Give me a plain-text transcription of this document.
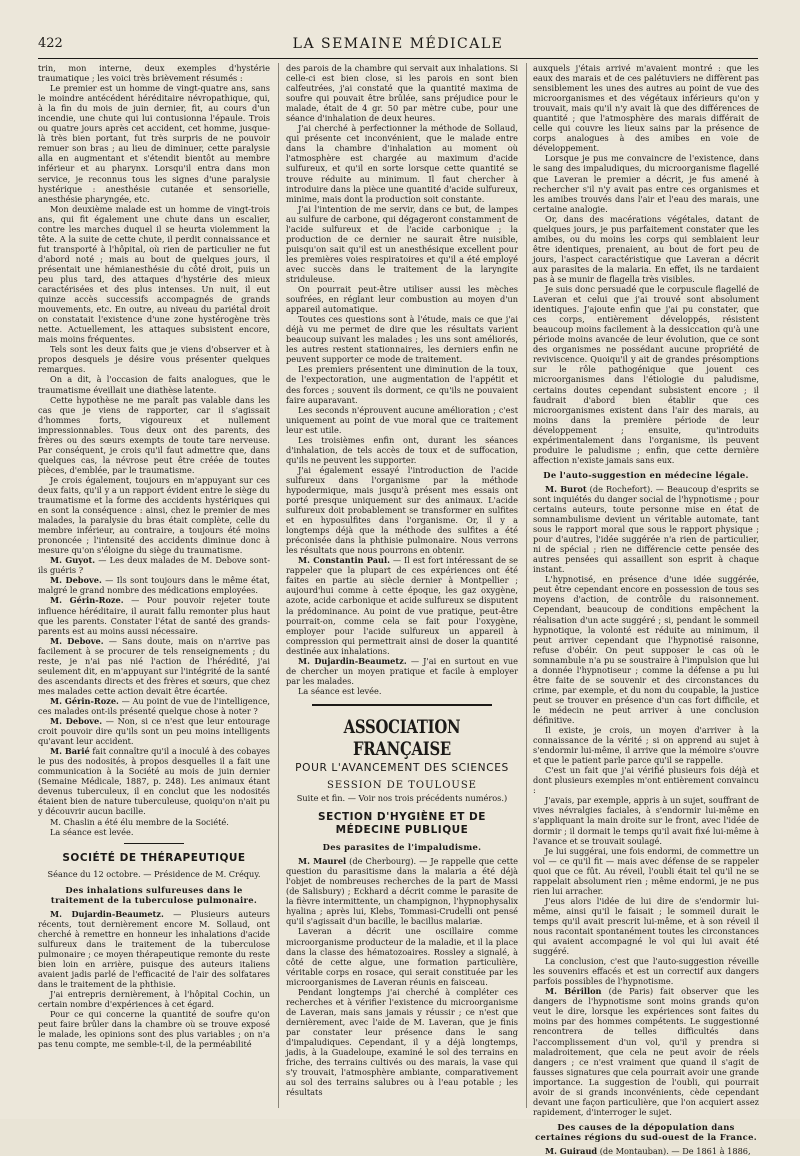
422	LA SEMAINE MÉDICALE

trin, mon interne, deux exemples d'hystérie traumatique ; les voici très brièvement résumés :

Le premier est un homme de vingt-quatre ans, sans le moindre antécédent héréditaire névropathique, qui, à la fin du mois de juin dernier, fit, au cours d'un incendie, une chute qui lui contusionna l'épaule. Trois ou quatre jours après cet accident, cet homme, jusque-là très bien portant, fut très surpris de ne pouvoir remuer son bras ; au lieu de diminuer, cette paralysie alla en augmentant et s'étendit bientôt au membre inférieur et au pharynx. Lorsqu'il entra dans mon service, je reconnus tous les signes d'une paralysie hystérique : anesthésie cutanée et sensorielle, anesthésie pharyngée, etc.

Mon deuxième malade est un homme de vingt-trois ans, qui fit également une chute dans un escalier, contre les marches duquel il se heurta violemment la tête. A la suite de cette chute, il perdit connaissance et fut transporté à l'hôpital, où rien de particulier ne fut d'abord noté ; mais au bout de quelques jours, il présentait une hémianesthésie du côté droit, puis un peu plus tard, des attaques d'hystérie des mieux caractérisées et des plus intenses. Un nuit, il eut quinze accès successifs accompagnés de grands mouvements, etc. En outre, au niveau du pariétal droit on constatait l'existence d'une zone hystérogène très nette. Actuellement, les attaques subsistent encore, mais moins fréquentes.

Tels sont les deux faits que je viens d'observer et à propos desquels je désire vous présenter quelques remarques.

On a dit, à l'occasion de faits analogues, que le traumatisme éveillait une diathèse latente.

Cette hypothèse ne me paraît pas valable dans les cas que je viens de rapporter, car il s'agissait d'hommes forts, vigoureux et nullement impressionnables. Tous deux ont des parents, des frères ou des sœurs exempts de toute tare nerveuse. Par conséquent, je crois qu'il faut admettre que, dans quelques cas, la névrose peut être créée de toutes pièces, d'emblée, par le traumatisme.

Je crois également, toujours en m'appuyant sur ces deux faits, qu'il y a un rapport évident entre le siège du traumatisme et la forme des accidents hystériques qui en sont la conséquence : ainsi, chez le premier de mes malades, la paralysie du bras était complète, celle du membre inférieur, au contraire, a toujours été moins prononcée ; l'intensité des accidents diminue donc à mesure qu'on s'éloigne du siège du traumatisme.

M. Guyot. — Les deux malades de M. Debove sont-ils guéris ?

M. Debove. — Ils sont toujours dans le même état, malgré le grand nombre des médications employées.

M. Gérin-Roze. — Pour pouvoir rejeter toute influence héréditaire, il aurait fallu remonter plus haut que les parents. Constater l'état de santé des grands-parents est au moins aussi nécessaire.

M. Debove. — Sans doute, mais on n'arrive pas facilement à se procurer de tels renseignements ; du reste, je n'ai pas nié l'action de l'hérédité, j'ai seulement dit, en m'appuyant sur l'intégrité de la santé des ascendants directs et des frères et sœurs, que chez mes malades cette action devait être écartée.

M. Gérin-Roze. — Au point de vue de l'intelligence, ces malades ont-ils présenté quelque chose à noter ?

M. Debove. — Non, si ce n'est que leur entourage croit pouvoir dire qu'ils sont un peu moins intelligents qu'avant leur accident.

M. Barié fait connaître qu'il a inoculé à des cobayes le pus des nodosités, à propos desquelles il a fait une communication à la Société au mois de juin dernier (Semaine Médicale, 1887, p. 248). Les animaux étant devenus tuberculeux, il en conclut que les nodosités étaient bien de nature tuberculeuse, quoiqu'on n'ait pu y découvrir aucun bacille.

M. Chaslin a été élu membre de la Société.

La séance est levée.

SOCIÉTÉ DE THÉRAPEUTIQUE

Séance du 12 octobre. — Présidence de M. Créquy.

Des inhalations sulfureuses dans le traitement de la tuberculose pulmonaire.

M. Dujardin-Beaumetz. — Plusieurs auteurs récents, tout dernièrement encore M. Sollaud, ont cherché à remettre en honneur les inhalations d'acide sulfureux dans le traitement de la tuberculose pulmonaire ; ce moyen thérapeutique remonte du reste bien loin en arrière, puisque des auteurs italiens avaient jadis parlé de l'efficacité de l'air des solfatares dans le traitement de la phthisie.

J'ai entrepris dernièrement, à l'hôpital Cochin, un certain nombre d'expériences à cet égard.

Pour ce qui concerne la quantité de soufre qu'on peut faire brûler dans la chambre où se trouve exposé le malade, les opinions sont des plus variables ; on n'a pas tenu compte, me semble-t-il, de la perméabilité

des parois de la chambre qui servait aux inhalations. Si celle-ci est bien close, si les parois en sont bien calfeutrées, j'ai constaté que la quantité maxima de soufre qui pouvait être brûlée, sans préjudice pour le malade, était de 4 gr. 50 par mètre cube, pour une séance d'inhalation de deux heures.

J'ai cherché à perfectionner la méthode de Sollaud, qui présente cet inconvénient, que le malade entre dans la chambre d'inhalation au moment où l'atmosphère est chargée au maximum d'acide sulfureux, et qu'il en sorte lorsque cette quantité se trouve réduite au minimum. Il faut chercher à introduire dans la pièce une quantité d'acide sulfureux, minime, mais dont la production soit constante.

J'ai l'intention de me servir, dans ce but, de lampes au sulfure de carbone, qui dégageront constamment de l'acide sulfureux et de l'acide carbonique ; la production de ce dernier ne saurait être nuisible, puisqu'on sait qu'il est un anesthésique excellent pour les premières voies respiratoires et qu'il a été employé avec succès dans le traitement de la laryngite striduleuse.

On pourrait peut-être utiliser aussi les mèches soufrées, en réglant leur combustion au moyen d'un appareil automatique.

Toutes ces questions sont à l'étude, mais ce que j'ai déjà vu me permet de dire que les résultats varient beaucoup suivant les malades ; les uns sont améliorés, les autres restent stationnaires, les derniers enfin ne peuvent supporter ce mode de traitement.

Les premiers présentent une diminution de la toux, de l'expectoration, une augmentation de l'appétit et des forces ; souvent ils dorment, ce qu'ils ne pouvaient faire auparavant.

Les seconds n'éprouvent aucune amélioration ; c'est uniquement au point de vue moral que ce traitement leur est utile.

Les troisièmes enfin ont, durant les séances d'inhalation, de tels accès de toux et de suffocation, qu'ils ne peuvent les supporter.

J'ai également essayé l'introduction de l'acide sulfureux dans l'organisme par la méthode hypodermique, mais jusqu'à présent mes essais ont porté presque uniquement sur des animaux. L'acide sulfureux doit probablement se transformer en sulfites et en hyposulfites dans l'organisme. Or, il y a longtemps déjà que la méthode des sulfites a été préconisée dans la phthisie pulmonaire. Nous verrons les résultats que nous pourrons en obtenir.

M. Constantin Paul. — Il est fort intéressant de se rappeler que la plupart de ces expériences ont été faites en partie au siècle dernier à Montpellier ; aujourd'hui comme à cette époque, les gaz oxygène, azote, acide carbonique et acide sulfureux se disputent la prédominance. Au point de vue pratique, peut-être pourrait-on, comme cela se fait pour l'oxygène, employer pour l'acide sulfureux un appareil à compression qui permettrait ainsi de doser la quantité destinée aux inhalations.

M. Dujardin-Beaumetz. — J'ai en surtout en vue de chercher un moyen pratique et facile à employer par les malades.

La séance est levée.

ASSOCIATION FRANÇAISE
POUR L'AVANCEMENT DES SCIENCES
SESSION DE TOULOUSE
Suite et fin. — Voir nos trois précédents numéros.)
SECTION D'HYGIÈNE ET DE MÉDECINE PUBLIQUE
Des parasites de l'impaludisme.

M. Maurel (de Cherbourg). — Je rappelle que cette question du parasitisme dans la malaria a été déjà l'objet de nombreuses recherches de la part de Massi (de Salisbury) ; Eckhard a décrit comme le parasite de la fièvre intermittente, un champignon, l'hypnophysalix hyalina ; après lui, Klebs, Tommasi-Crudelli ont pensé qu'il s'agissait d'un bacille, le bacillus malariæ.

Laveran a décrit une oscillaire comme microorganisme producteur de la maladie, et il la place dans la classe des hématozoaires. Rossley a signalé, à côté de cette algue, une formation particulière, véritable corps en rosace, qui serait constituée par les microorganismes de Laveran réunis en faisceau.

Pendant longtemps j'ai cherché à compléter ces recherches et à vérifier l'existence du microorganisme de Laveran, mais sans jamais y réussir ; ce n'est que dernièrement, avec l'aide de M. Laveran, que je finis par constater leur présence dans le sang d'impaludiques. Cependant, il y a déjà longtemps, jadis, à la Guadeloupe, examiné le sol des terrains en friche, des terrains cultivés ou des marais, la vase qui s'y trouvait, l'atmosphère ambiante, comparativement au sol des terrains salubres ou à l'eau potable ; les résultats

auxquels j'étais arrivé m'avaient montré : que les eaux des marais et de ces palétuviers ne diffèrent pas sensiblement les unes des autres au point de vue des microorganismes et des végétaux inférieurs qu'on y trouvait, mais qu'il n'y avait là que des différences de quantité ; que l'atmosphère des marais différait de celle qui couvre les lieux sains par la présence de corps analogues à des amibes en voie de développement.

Lorsque je pus me convaincre de l'existence, dans le sang des impaludiques, du microorganisme flagellé que Laveran le premier a décrit, je fus amené à rechercher s'il n'y avait pas entre ces organismes et les amibes trouvés dans l'air et l'eau des marais, une certaine analogie.

Or, dans des macérations végétales, datant de quelques jours, je pus parfaitement constater que les amibes, ou du moins les corps qui semblaient leur être identiques, prenaient, au bout de fort peu de jours, l'aspect caractéristique que Laveran a décrit aux parasites de la malaria. En effet, ils ne tardaient pas à se munir de flagella très visibles.

Je suis donc persuadé que le corpuscule flagellé de Laveran et celui que j'ai trouvé sont absolument identiques. J'ajoute enfin que j'ai pu constater, que ces corps, entièrement développés, résistent beaucoup moins facilement à la dessiccation qu'à une période moins avancée de leur évolution, que ce sont des organismes ne possédant aucune propriété de reviviscence. Quoiqu'il y ait de grandes présomptions sur le rôle pathogénique que jouent ces microorganismes dans l'étiologie du paludisme, certains doutes cependant subsistent encore ; il faudrait d'abord bien établir que ces microorganismes existent dans l'air des marais, au moins dans la première période de leur développement ; ensuite, qu'introduits expérimentalement dans l'organisme, ils peuvent produire le paludisme ; enfin, que cette dernière affection n'existe jamais sans eux.

De l'auto-suggestion en médecine légale.

M. Burot (de Rochefort). — Beaucoup d'esprits se sont inquiétés du danger social de l'hypnotisme ; pour certains auteurs, toute personne mise en état de somnambulisme devient un véritable automate, tant sous le rapport moral que sous le rapport physique ; pour d'autres, l'idée suggérée n'a rien de particulier, ni de spécial ; rien ne différencie cette pensée des autres pensées qui assaillent son esprit à chaque instant.

L'hypnotisé, en présence d'une idée suggérée, peut être cependant encore en possession de tous ses moyens d'action, de contrôle du raisonnement. Cependant, beaucoup de conditions empêchent la réalisation d'un acte suggéré ; si, pendant le sommeil hypnotique, la volonté est réduite au minimum, il peut arriver cependant que l'hypnotisé raisonne, refuse d'obéir. On peut supposer le cas où le somnambule n'a pu se soustraire à l'impulsion que lui a donnée l'hypnotiseur ; comme la défense a pu lui être faite de se souvenir et des circonstances du crime, par exemple, et du nom du coupable, la justice peut se trouver en présence d'un cas fort difficile, et le médecin ne peut arriver à une conclusion définitive.

Il existe, je crois, un moyen d'arriver à la connaissance de la vérité ; si on apprend au sujet à s'endormir lui-même, il arrive que la mémoire s'ouvre et que le patient parle parce qu'il se rappelle.

C'est un fait que j'ai vérifié plusieurs fois déjà et dont plusieurs exemples m'ont entièrement convaincu :

J'avais, par exemple, appris à un sujet, souffrant de vives névralgies faciales, à s'endormir lui-même en s'appliquant la main droite sur le front, avec l'idée de dormir ; il dormait le temps qu'il avait fixé lui-même à l'avance et se trouvait soulagé.

Je lui suggérai, une fois endormi, de commettre un vol — ce qu'il fit — mais avec défense de se rappeler quoi que ce fût. Au réveil, l'oubli était tel qu'il ne se rappelait absolument rien ; même endormi, je ne pus rien lui arracher.

J'eus alors l'idée de lui dire de s'endormir lui-même, ainsi qu'il le faisait ; le sommeil durait le temps qu'il avait prescrit lui-même, et à son réveil il nous racontait spontanément toutes les circonstances qui avaient accompagné le vol qui lui avait été suggéré.

La conclusion, c'est que l'auto-suggestion réveille les souvenirs effacés et est un correctif aux dangers parfois possibles de l'hypnotisme.

M. Bérillon (de Paris) fait observer que les dangers de l'hypnotisme sont moins grands qu'on veut le dire, lorsque les expériences sont faites du moins par des hommes compétents. Le suggestionné rencontrera de telles difficultés dans l'accomplissement d'un vol, qu'il y prendra si maladroitement, que cela ne peut avoir de réels dangers ; ce n'est vraiment que quand il s'agit de fausses signatures que cela pourrait avoir une grande importance. La suggestion de l'oubli, qui pourrait avoir de si grands inconvénients, cède cependant devant une façon particulière, que l'on acquiert assez rapidement, d'interroger le sujet.

Des causes de la dépopulation dans certaines régions du sud-ouest de la France.

M. Guiraud (de Montauban). — De 1861 à 1886,
